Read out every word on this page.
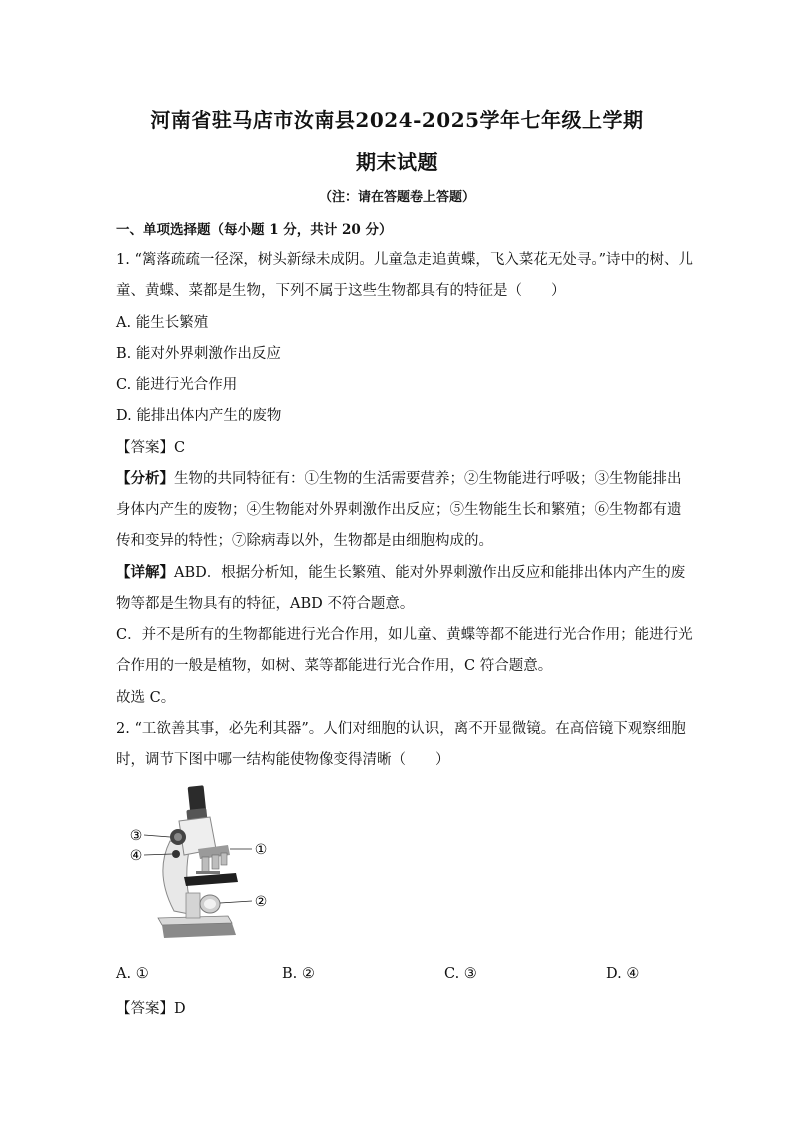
河南省驻马店市汝南县2024-2025学年七年级上学期
期末试题
（注：请在答题卷上答题）
一、单项选择题（每小题 1 分，共计 20 分）
1. “篱落疏疏一径深，树头新绿未成阴。儿童急走追黄蝶，飞入菜花无处寻。”诗中的树、儿
童、黄蝶、菜都是生物，下列不属于这些生物都具有的特征是（　　）
A. 能生长繁殖
B. 能对外界刺激作出反应
C. 能进行光合作用
D. 能排出体内产生的废物
【答案】C
【分析】生物的共同特征有：①生物的生活需要营养；②生物能进行呼吸；③生物能排出
身体内产生的废物；④生物能对外界刺激作出反应；⑤生物能生长和繁殖；⑥生物都有遗
传和变异的特性；⑦除病毒以外，生物都是由细胞构成的。
【详解】ABD．根据分析知，能生长繁殖、能对外界刺激作出反应和能排出体内产生的废
物等都是生物具有的特征，ABD 不符合题意。
C．并不是所有的生物都能进行光合作用，如儿童、黄蝶等都不能进行光合作用；能进行光
合作用的一般是植物，如树、菜等都能进行光合作用，C 符合题意。
故选 C。
2. “工欲善其事，必先利其器”。人们对细胞的认识，离不开显微镜。在高倍镜下观察细胞
时，调节下图中哪一结构能使物像变得清晰（　　）
③
④	①
②
A. ①	B. ②	C. ③	D. ④
【答案】D
